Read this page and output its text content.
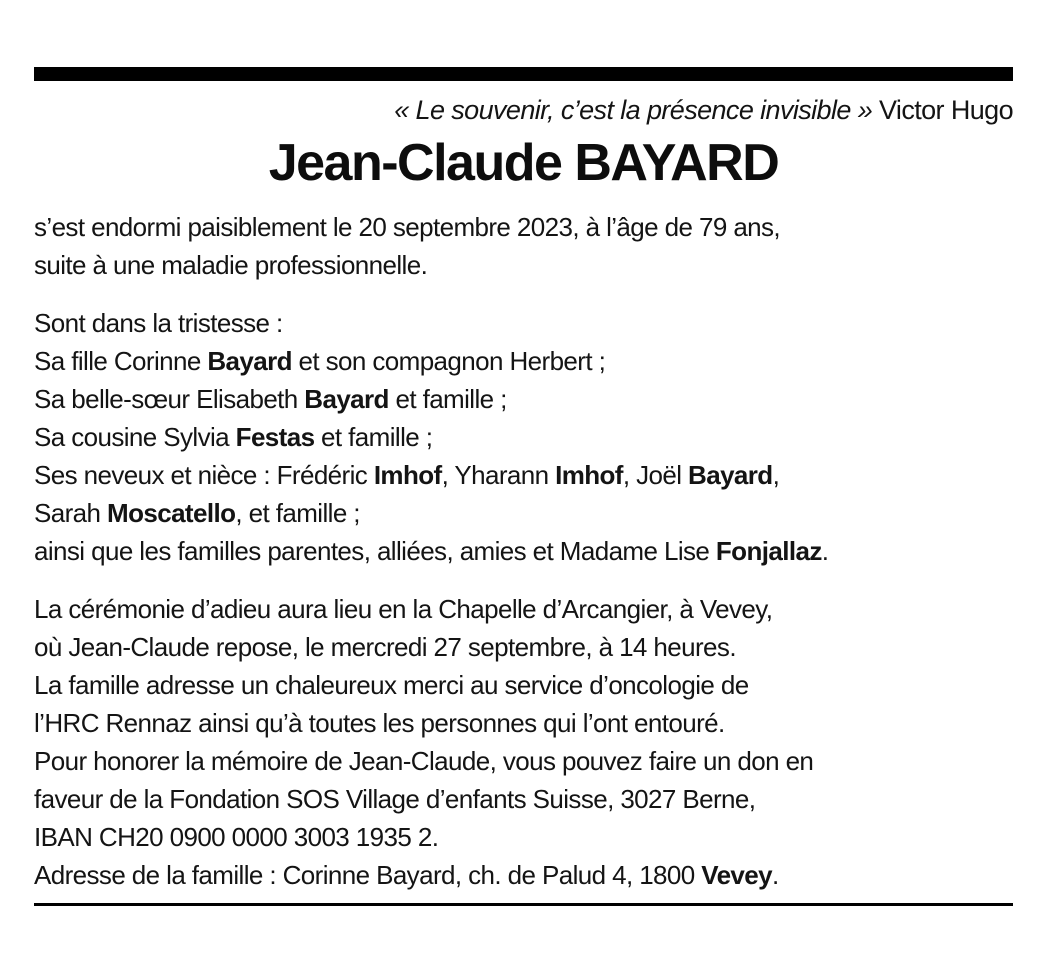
« Le souvenir, c’est la présence invisible » Victor Hugo
Jean-Claude BAYARD

s’est endormi paisiblement le 20 septembre 2023, à l’âge de 79 ans,
suite à une maladie professionnelle.

Sont dans la tristesse :
Sa fille Corinne Bayard et son compagnon Herbert ;
Sa belle-sœur Elisabeth Bayard et famille ;
Sa cousine Sylvia Festas et famille ;
Ses neveux et nièce : Frédéric Imhof, Yharann Imhof, Joël Bayard,
Sarah Moscatello, et famille ;
ainsi que les familles parentes, alliées, amies et Madame Lise Fonjallaz.

La cérémonie d’adieu aura lieu en la Chapelle d’Arcangier, à Vevey,
où Jean-Claude repose, le mercredi 27 septembre, à 14 heures.
La famille adresse un chaleureux merci au service d’oncologie de
l’HRC Rennaz ainsi qu’à toutes les personnes qui l’ont entouré.
Pour honorer la mémoire de Jean-Claude, vous pouvez faire un don en
faveur de la Fondation SOS Village d’enfants Suisse, 3027 Berne,
IBAN CH20 0900 0000 3003 1935 2.
Adresse de la famille : Corinne Bayard, ch. de Palud 4, 1800 Vevey.
